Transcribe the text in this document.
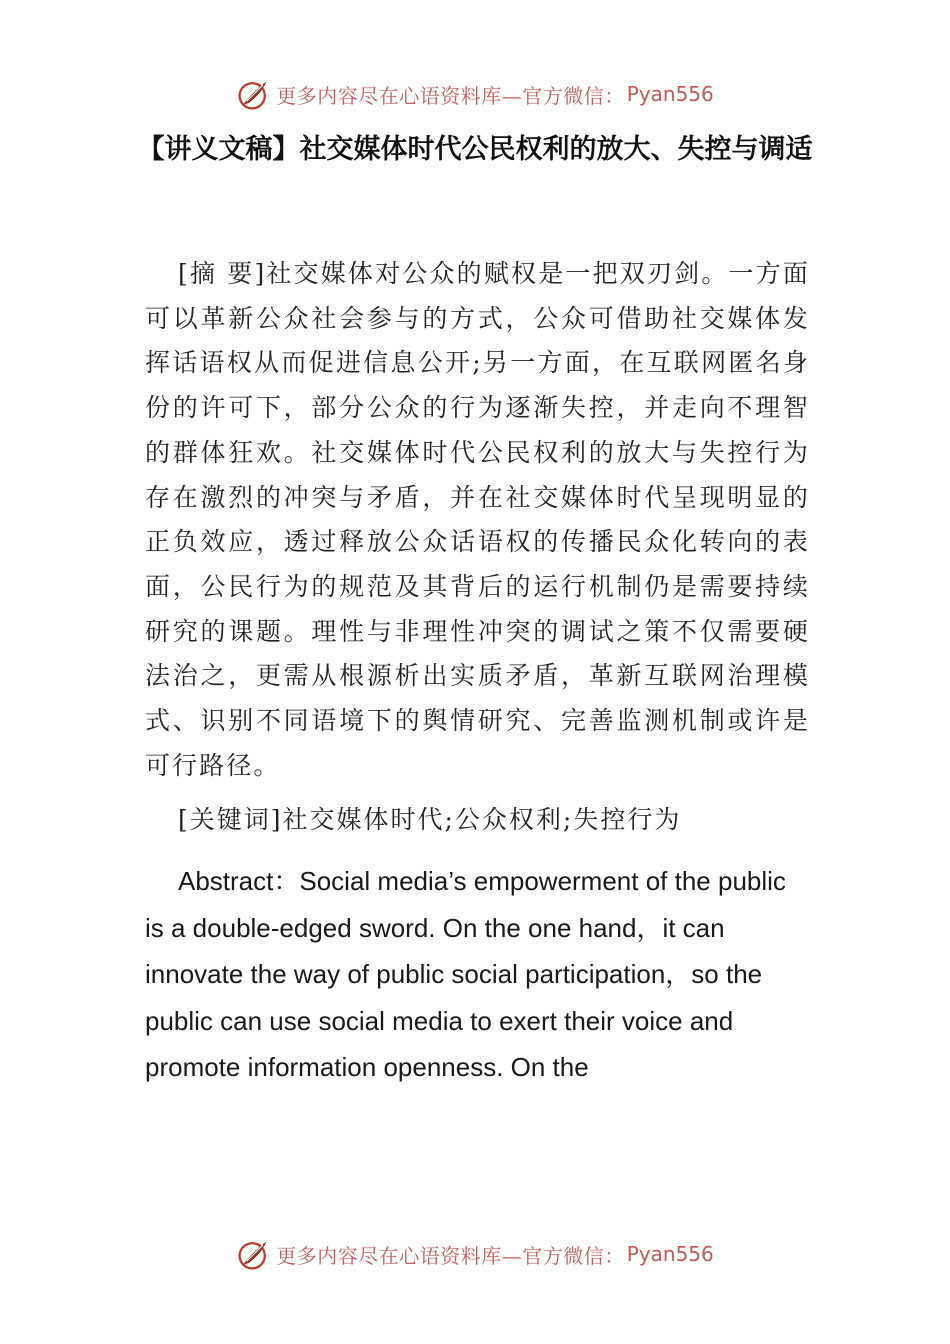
更多内容尽在心语资料库—官方微信： Pyan556
【讲义文稿】社交媒体时代公民权利的放大、失控与调适

[摘 要]社交媒体对公众的赋权是一把双刃剑。一方面可以革新公众社会参与的方式，公众可借助社交媒体发挥话语权从而促进信息公开;另一方面，在互联网匿名身份的许可下，部分公众的行为逐渐失控，并走向不理智的群体狂欢。社交媒体时代公民权利的放大与失控行为存在激烈的冲突与矛盾，并在社交媒体时代呈现明显的正负效应，透过释放公众话语权的传播民众化转向的表面，公民行为的规范及其背后的运行机制仍是需要持续研究的课题。理性与非理性冲突的调试之策不仅需要硬法治之，更需从根源析出实质矛盾，革新互联网治理模式、识别不同语境下的舆情研究、完善监测机制或许是可行路径。

[关键词]社交媒体时代;公众权利;失控行为

Abstract：Social media’s empowerment of the public is a double-edged sword. On the one hand，it can innovate the way of public social participation，so the public can use social media to exert their voice and promote information openness. On the

更多内容尽在心语资料库—官方微信： Pyan556
